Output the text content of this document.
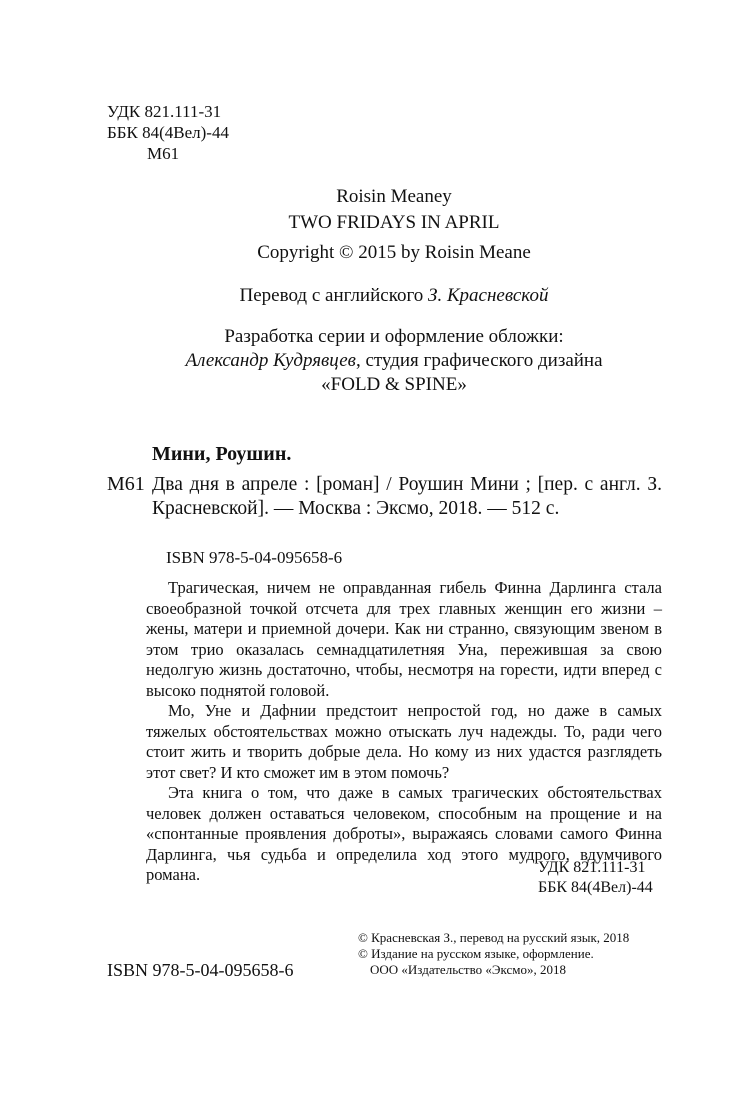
УДК 821.111-31
ББК 84(4Вел)-44
М61
Roisin Meaney
TWO FRIDAYS IN APRIL
Copyright © 2015 by Roisin Meane
Перевод с английского З. Красневской
Разработка серии и оформление обложки:
Александр Кудрявцев, студия графического дизайна
«FOLD & SPINE»
Мини, Роушин.
М61 Два дня в апреле : [роман] / Роушин Мини ; [пер. с англ. З. Красневской]. — Москва : Эксмо, 2018. — 512 с.
ISBN 978-5-04-095658-6

Трагическая, ничем не оправданная гибель Финна Дарлинга стала своеобразной точкой отсчета для трех главных женщин его жизни – жены, матери и приемной дочери. Как ни странно, связующим звеном в этом трио оказалась семнадцатилетняя Уна, пережившая за свою недолгую жизнь достаточно, чтобы, несмотря на горести, идти вперед с высоко поднятой головой.

Мо, Уне и Дафнии предстоит непростой год, но даже в самых тяжелых обстоятельствах можно отыскать луч надежды. То, ради чего стоит жить и творить добрые дела. Но кому из них удастся разглядеть этот свет? И кто сможет им в этом помочь?

Эта книга о том, что даже в самых трагических обстоятельствах человек должен оставаться человеком, способным на прощение и на «спонтанные проявления доброты», выражаясь словами самого Финна Дарлинга, чья судьба и определила ход этого мудрого, вдумчивого романа.	УДК 821.111-31
ББК 84(4Вел)-44
© Красневская З., перевод на русский язык, 2018
© Издание на русском языке, оформление.
ООО «Издательство «Эксмо», 2018
ISBN 978-5-04-095658-6
